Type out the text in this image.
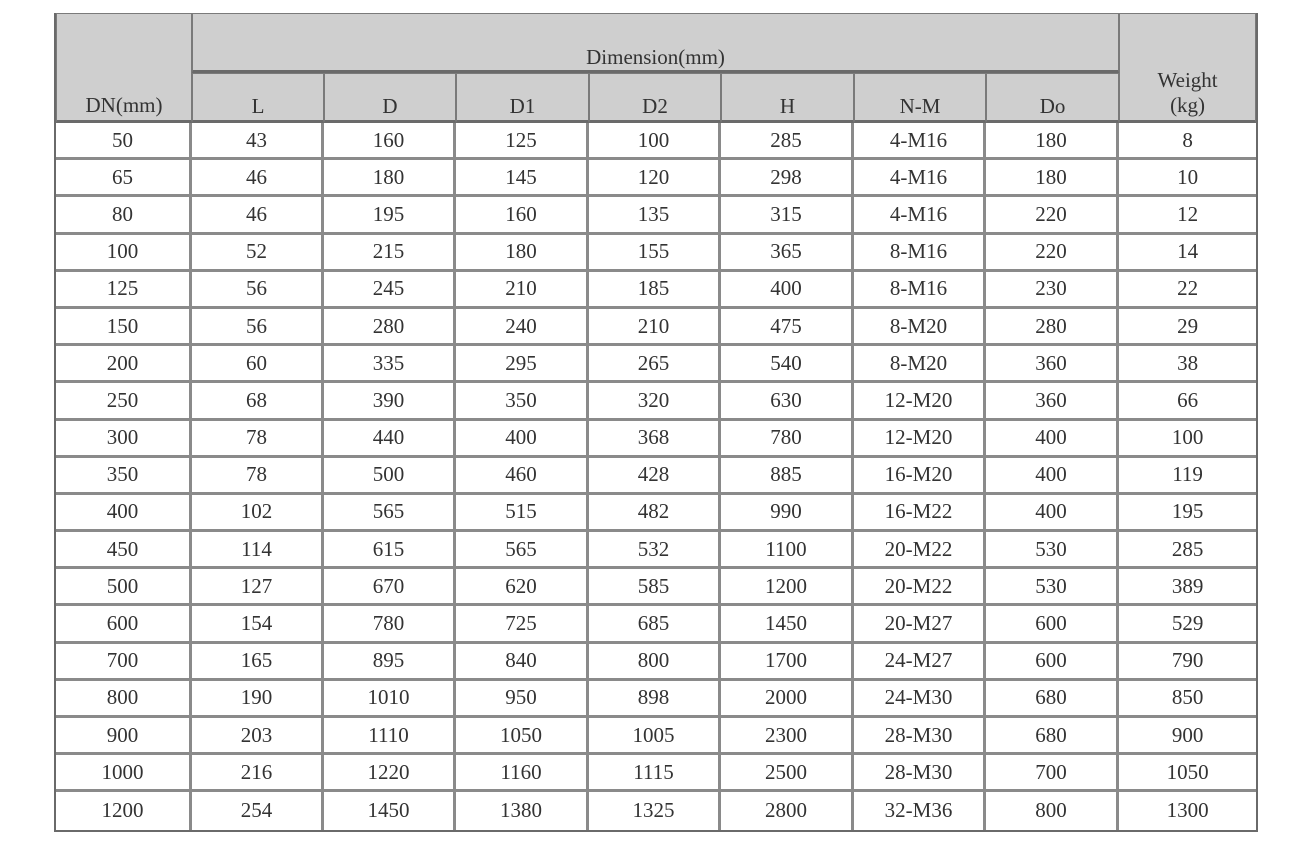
DN(mm)	Dimension(mm)							Weight
(kg)
	L	D	D1	D2	H	N-M	Do	
50	43	160	125	100	285	4-M16	180	8
65	46	180	145	120	298	4-M16	180	10
80	46	195	160	135	315	4-M16	220	12
100	52	215	180	155	365	8-M16	220	14
125	56	245	210	185	400	8-M16	230	22
150	56	280	240	210	475	8-M20	280	29
200	60	335	295	265	540	8-M20	360	38
250	68	390	350	320	630	12-M20	360	66
300	78	440	400	368	780	12-M20	400	100
350	78	500	460	428	885	16-M20	400	119
400	102	565	515	482	990	16-M22	400	195
450	114	615	565	532	1100	20-M22	530	285
500	127	670	620	585	1200	20-M22	530	389
600	154	780	725	685	1450	20-M27	600	529
700	165	895	840	800	1700	24-M27	600	790
800	190	1010	950	898	2000	24-M30	680	850
900	203	1110	1050	1005	2300	28-M30	680	900
1000	216	1220	1160	1115	2500	28-M30	700	1050
1200	254	1450	1380	1325	2800	32-M36	800	1300
